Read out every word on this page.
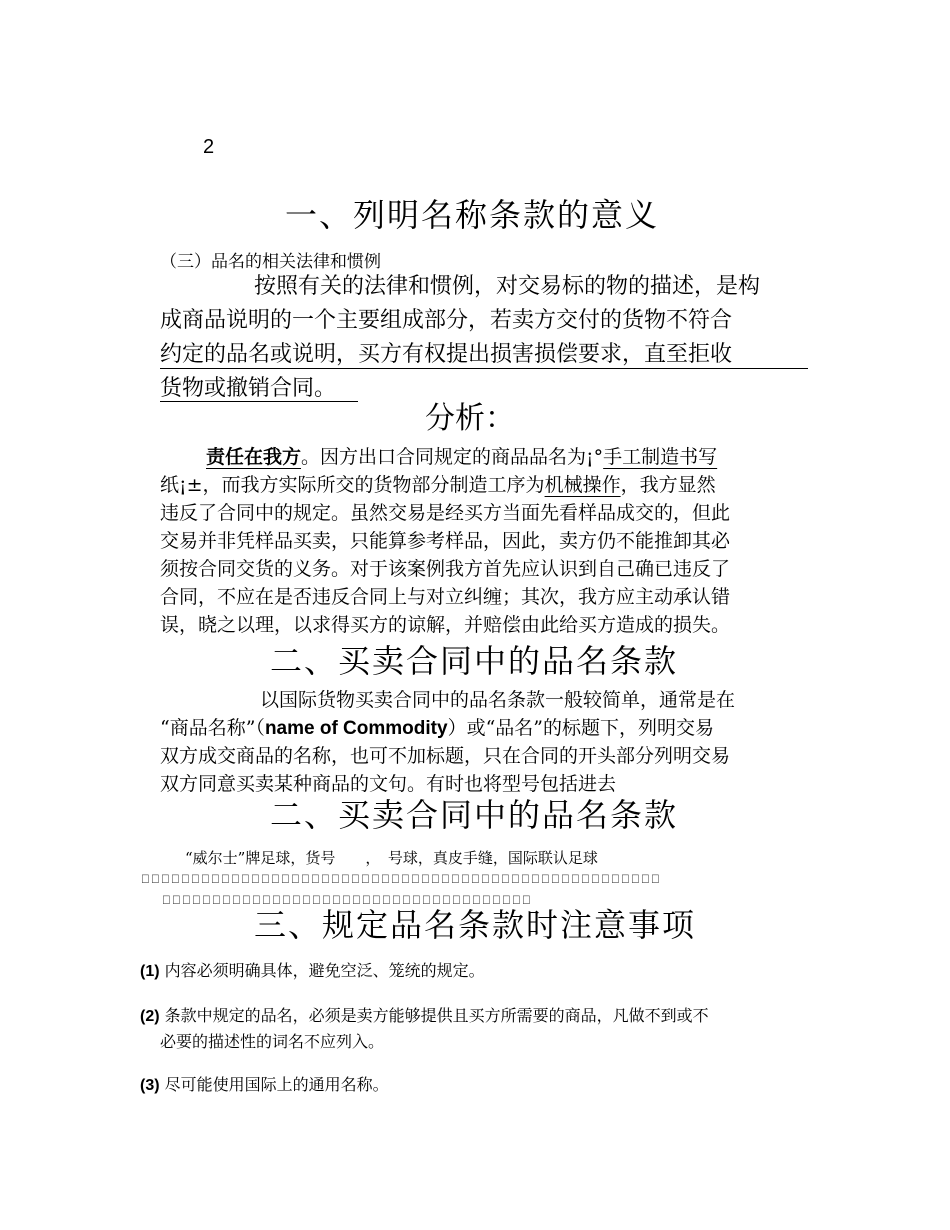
2
一、列明名称条款的意义
（三）品名的相关法律和惯例
按照有关的法律和惯例，对交易标的物的描述，是构
成商品说明的一个主要组成部分，若卖方交付的货物不符合
约定的品名或说明，买方有权提出损害损偿要求，直至拒收
货物或撤销合同。
分析：
责任在我方。因方出口合同规定的商品品名为¡°手工制造书写
纸¡±，而我方实际所交的货物部分制造工序为机械操作，我方显然
违反了合同中的规定。虽然交易是经买方当面先看样品成交的，但此
交易并非凭样品买卖，只能算参考样品，因此，卖方仍不能推卸其必
须按合同交货的义务。对于该案例我方首先应认识到自己确已违反了
合同，不应在是否违反合同上与对立纠缠；其次，我方应主动承认错
误，晓之以理，以求得买方的谅解，并赔偿由此给买方造成的损失。
二、买卖合同中的品名条款
以国际货物买卖合同中的品名条款一般较简单，通常是在
“商品名称”（name of Commodity）或“品名”的标题下，列明交易
双方成交商品的名称，也可不加标题，只在合同的开头部分列明交易
双方同意买卖某种商品的文句。有时也将型号包括进去
二、买卖合同中的品名条款
“威尔士”牌足球，货号　　，　号球，真皮手缝，国际联认足球
􀀀􀀀􀀀􀀀􀀀􀀀􀀀􀀀􀀀􀀀􀀀􀀀􀀀􀀀􀀀􀀀􀀀􀀀􀀀􀀀􀀀􀀀􀀀􀀀􀀀􀀀􀀀􀀀􀀀􀀀􀀀􀀀􀀀􀀀􀀀􀀀􀀀􀀀􀀀􀀀􀀀􀀀􀀀􀀀􀀀􀀀􀀀􀀀􀀀􀀀􀀀􀀀
􀀀􀀀􀀀􀀀􀀀􀀀􀀀􀀀􀀀􀀀􀀀􀀀􀀀􀀀􀀀􀀀􀀀􀀀􀀀􀀀􀀀􀀀􀀀􀀀􀀀􀀀􀀀􀀀􀀀􀀀􀀀􀀀􀀀􀀀􀀀􀀀􀀀
三、规定品名条款时注意事项
(1) 内容必须明确具体，避免空泛、笼统的规定。
(2) 条款中规定的品名，必须是卖方能够提供且买方所需要的商品，凡做不到或不
必要的描述性的词名不应列入。
(3) 尽可能使用国际上的通用名称。
